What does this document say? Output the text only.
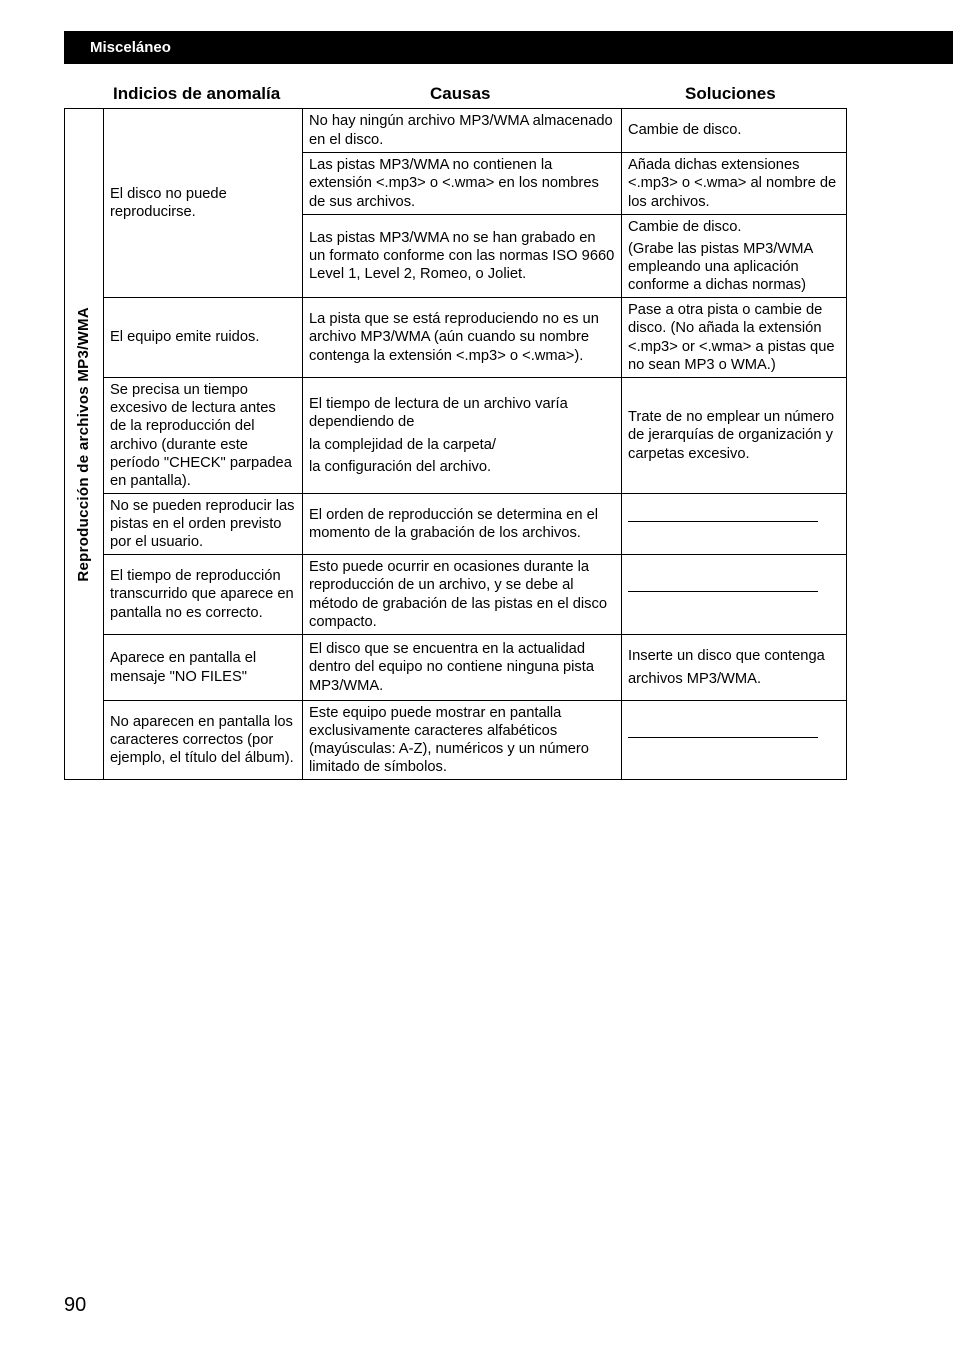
Misceláneo
Indicios de anomalía	Causas	Soluciones
Reproducción de archivos MP3/WMA	El disco no puede reproducirse.	No hay ningún archivo MP3/WMA almacenado en el disco.	Cambie de disco.
		Las pistas MP3/WMA no contienen la extensión <.mp3> o <.wma> en los nombres de sus archivos.	Añada dichas extensiones <.mp3> o <.wma> al nombre de los archivos.
		Las pistas MP3/WMA no se han grabado en un formato conforme con las normas ISO 9660 Level 1, Level 2, Romeo, o Joliet.	Cambie de disco.
(Grabe las pistas MP3/WMA empleando una aplicación conforme a dichas normas)

	El equipo emite ruidos.	La pista que se está reproduciendo no es un archivo MP3/WMA (aún cuando su nombre contenga la extensión <.mp3> o <.wma>).	Pase a otra pista o cambie de disco. (No añada la extensión <.mp3> or <.wma> a pistas que no sean MP3 o WMA.)
	Se precisa un tiempo excesivo de lectura antes de la reproducción del archivo (durante este período "CHECK" parpadea en pantalla).	El tiempo de lectura de un archivo varía dependiendo de
la complejidad de la carpeta/
la configuración del archivo.	Trate de no emplear un número de jerarquías de organización y carpetas excesivo.
	No se pueden reproducir las pistas en el orden previsto por el usuario.	El orden de reproducción se determina en el momento de la grabación de los archivos.	
	El tiempo de reproducción transcurrido que aparece en pantalla no es correcto.	Esto puede ocurrir en ocasiones durante la reproducción de un archivo, y se debe al método de grabación de las pistas en el disco compacto.	
	Aparece en pantalla el mensaje "NO FILES"	El disco que se encuentra en la actualidad dentro del equipo no contiene ninguna pista MP3/WMA.	Inserte un disco que contenga
archivos MP3/WMA.

	No aparecen en pantalla los caracteres correctos (por ejemplo, el título del álbum).	Este equipo puede mostrar en pantalla exclusivamente caracteres alfabéticos (mayúsculas: A-Z), numéricos y un número limitado de símbolos.	
90
